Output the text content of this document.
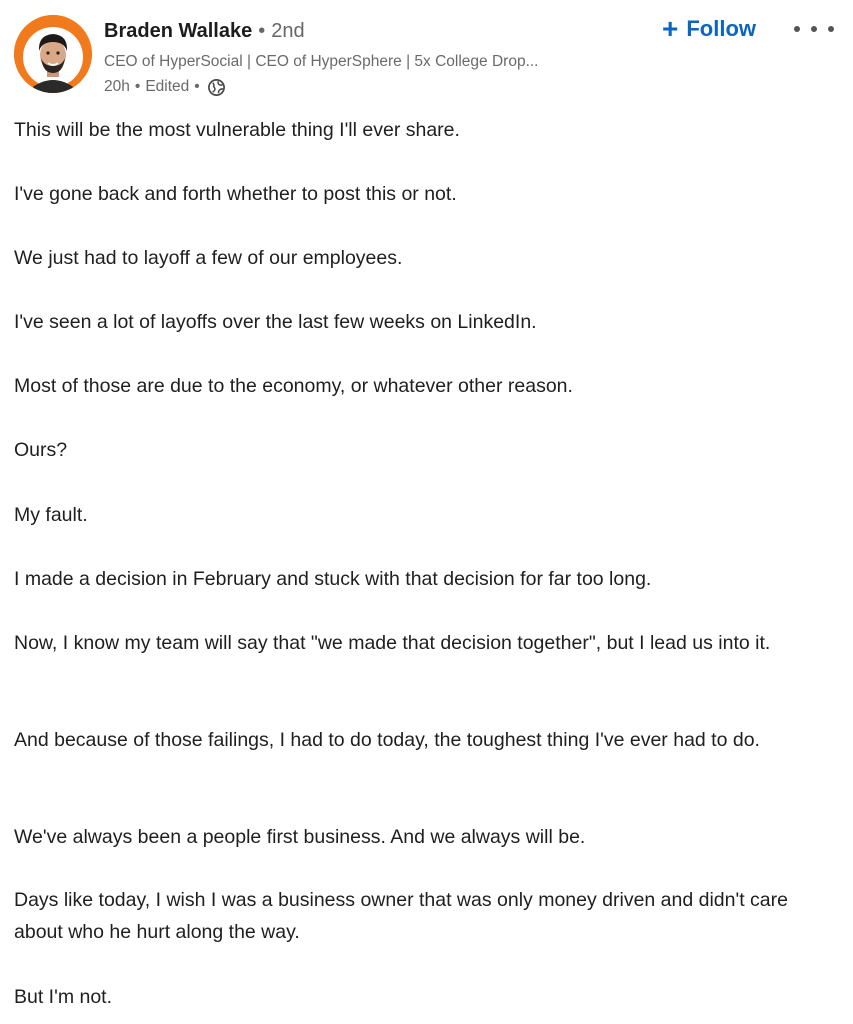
Braden Wallake • 2nd
CEO of HyperSocial | CEO of HyperSphere | 5x College Drop...
20h • Edited •
+ Follow
This will be the most vulnerable thing I'll ever share.
I've gone back and forth whether to post this or not.
We just had to layoff a few of our employees.
I've seen a lot of layoffs over the last few weeks on LinkedIn.
Most of those are due to the economy, or whatever other reason.
Ours?
My fault.
I made a decision in February and stuck with that decision for far too long.
Now, I know my team will say that "we made that decision together", but I lead us into it.
And because of those failings, I had to do today, the toughest thing I've ever had to do.
We've always been a people first business. And we always will be.
Days like today, I wish I was a business owner that was only money driven and didn't care about who he hurt along the way.
But I'm not.
